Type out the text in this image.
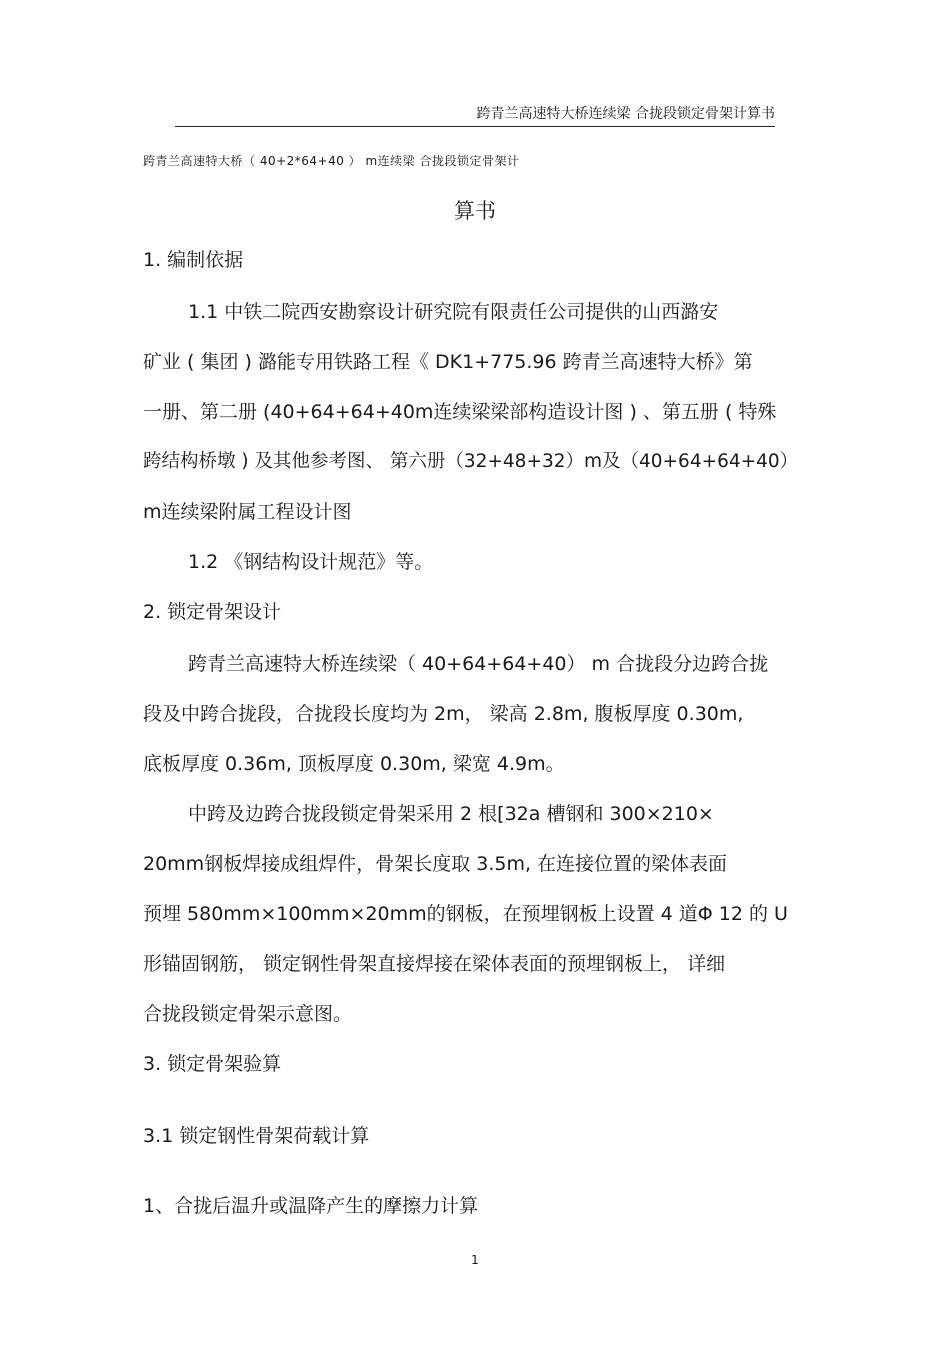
跨青兰高速特大桥连续梁 合拢段锁定骨架计算书
跨青兰高速特大桥（ 40+2*64+40 ） m连续梁 合拢段锁定骨架计
算书
1. 编制依据
1.1 中铁二院西安勘察设计研究院有限责任公司提供的山西潞安
矿业 ( 集团 ) 潞能专用铁路工程《 DK1+775.96 跨青兰高速特大桥》第
一册、第二册 (40+64+64+40m连续梁梁部构造设计图 ) 、第五册 ( 特殊
跨结构桥墩 ) 及其他参考图、 第六册（32+48+32）m及（40+64+64+40）
m连续梁附属工程设计图
1.2 《钢结构设计规范》等。
2. 锁定骨架设计
跨青兰高速特大桥连续梁（ 40+64+64+40） m 合拢段分边跨合拢
段及中跨合拢段，合拢段长度均为 2m， 梁高 2.8m, 腹板厚度 0.30m,
底板厚度 0.36m, 顶板厚度 0.30m, 梁宽 4.9m。
中跨及边跨合拢段锁定骨架采用 2 根[32a 槽钢和 300×210×
20mm钢板焊接成组焊件，骨架长度取 3.5m, 在连接位置的梁体表面
预埋 580mm×100mm×20mm的钢板，在预埋钢板上设置 4 道Φ 12 的 U
形锚固钢筋， 锁定钢性骨架直接焊接在梁体表面的预埋钢板上， 详细
合拢段锁定骨架示意图。
3. 锁定骨架验算
3.1 锁定钢性骨架荷载计算
1、合拢后温升或温降产生的摩擦力计算
1
